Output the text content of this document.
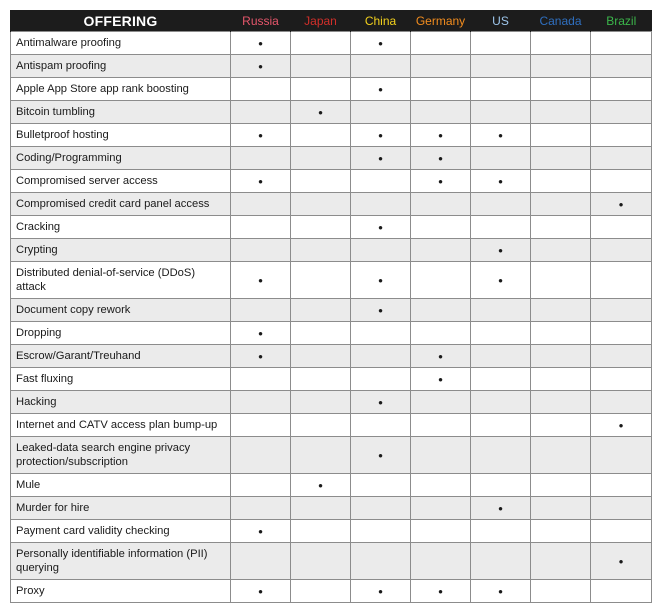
OFFERING	Russia	Japan	China	Germany	US	Canada	Brazil
Antimalware proofing	•		•				
Antispam proofing	•						
Apple App Store app rank boosting			•				
Bitcoin tumbling		•					
Bulletproof hosting	•		•	•	•		
Coding/Programming			•	•			
Compromised server access	•			•	•		
Compromised credit card panel access							•
Cracking			•				
Crypting					•		
Distributed denial-of-service (DDoS) attack	•		•		•		
Document copy rework			•				
Dropping	•						
Escrow/Garant/Treuhand	•			•			
Fast fluxing				•			
Hacking			•				
Internet and CATV access plan bump-up							•
Leaked-data search engine privacy protection/subscription			•				
Mule		•					
Murder for hire					•		
Payment card validity checking	•						
Personally identifiable information (PII) querying							•
Proxy	•		•	•	•		
